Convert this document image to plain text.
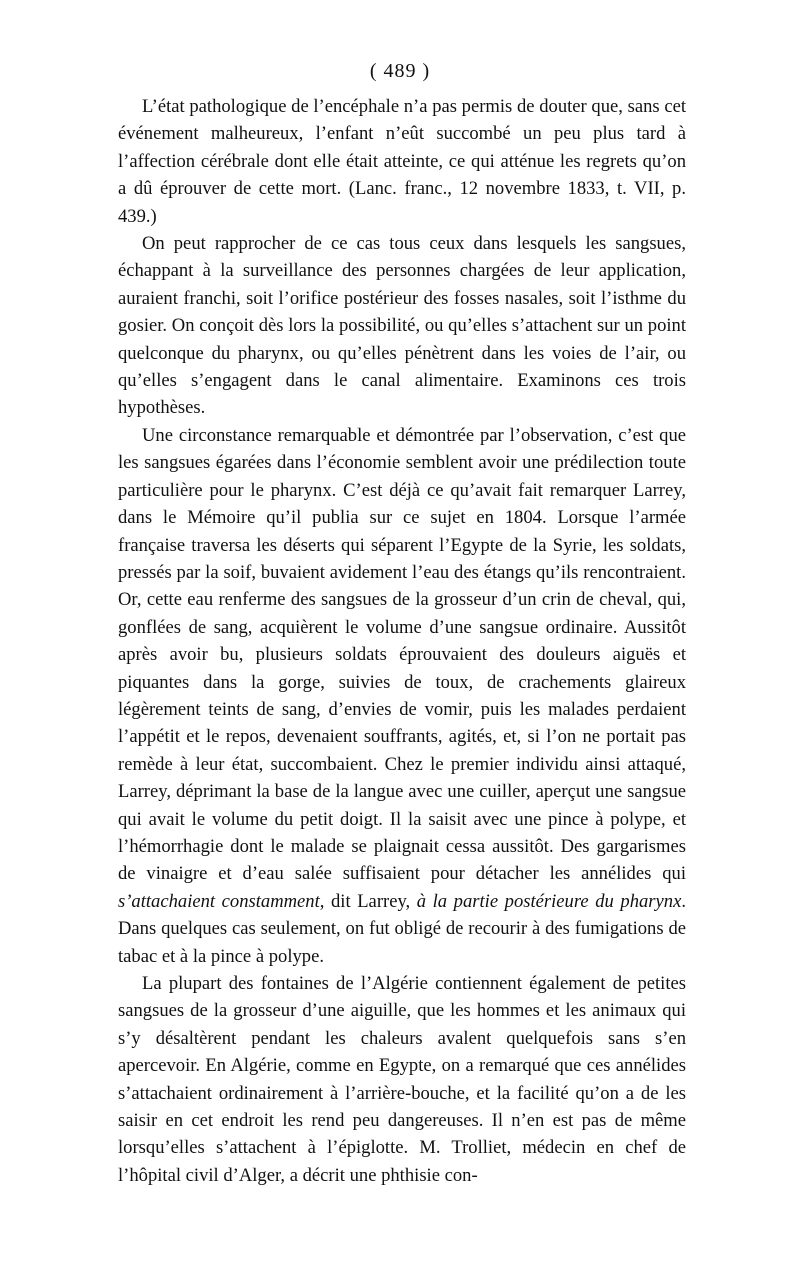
( 489 )

L’état pathologique de l’encéphale n’a pas permis de douter que, sans cet événement malheureux, l’enfant n’eût succombé un peu plus tard à l’affection cérébrale dont elle était atteinte, ce qui atténue les regrets qu’on a dû éprouver de cette mort. (Lanc. franc., 12 novembre 1833, t. VII, p. 439.)

On peut rapprocher de ce cas tous ceux dans lesquels les sangsues, échappant à la surveillance des personnes chargées de leur application, auraient franchi, soit l’orifice postérieur des fosses nasales, soit l’isthme du gosier. On conçoit dès lors la possibilité, ou qu’elles s’attachent sur un point quelconque du pharynx, ou qu’elles pénètrent dans les voies de l’air, ou qu’elles s’engagent dans le canal alimentaire. Examinons ces trois hypothèses.

Une circonstance remarquable et démontrée par l’observation, c’est que les sangsues égarées dans l’économie semblent avoir une prédilection toute particulière pour le pharynx. C’est déjà ce qu’avait fait remarquer Larrey, dans le Mémoire qu’il publia sur ce sujet en 1804. Lorsque l’armée française traversa les déserts qui séparent l’Egypte de la Syrie, les soldats, pressés par la soif, buvaient avidement l’eau des étangs qu’ils rencontraient. Or, cette eau renferme des sangsues de la grosseur d’un crin de cheval, qui, gonflées de sang, acquièrent le volume d’une sangsue ordinaire. Aussitôt après avoir bu, plusieurs soldats éprouvaient des douleurs aiguës et piquantes dans la gorge, suivies de toux, de crachements glaireux légèrement teints de sang, d’envies de vomir, puis les malades perdaient l’appétit et le repos, devenaient souffrants, agités, et, si l’on ne portait pas remède à leur état, succombaient. Chez le premier individu ainsi attaqué, Larrey, déprimant la base de la langue avec une cuiller, aperçut une sangsue qui avait le volume du petit doigt. Il la saisit avec une pince à polype, et l’hémorrhagie dont le malade se plaignait cessa aussitôt. Des gargarismes de vinaigre et d’eau salée suffisaient pour détacher les annélides qui s’attachaient constamment, dit Larrey, à la partie postérieure du pharynx. Dans quelques cas seulement, on fut obligé de recourir à des fumigations de tabac et à la pince à polype.

La plupart des fontaines de l’Algérie contiennent également de petites sangsues de la grosseur d’une aiguille, que les hommes et les animaux qui s’y désaltèrent pendant les chaleurs avalent quelquefois sans s’en apercevoir. En Algérie, comme en Egypte, on a remarqué que ces annélides s’attachaient ordinairement à l’arrière-bouche, et la facilité qu’on a de les saisir en cet endroit les rend peu dangereuses. Il n’en est pas de même lorsqu’elles s’attachent à l’épiglotte. M. Trolliet, médecin en chef de l’hôpital civil d’Alger, a décrit une phthisie con-
